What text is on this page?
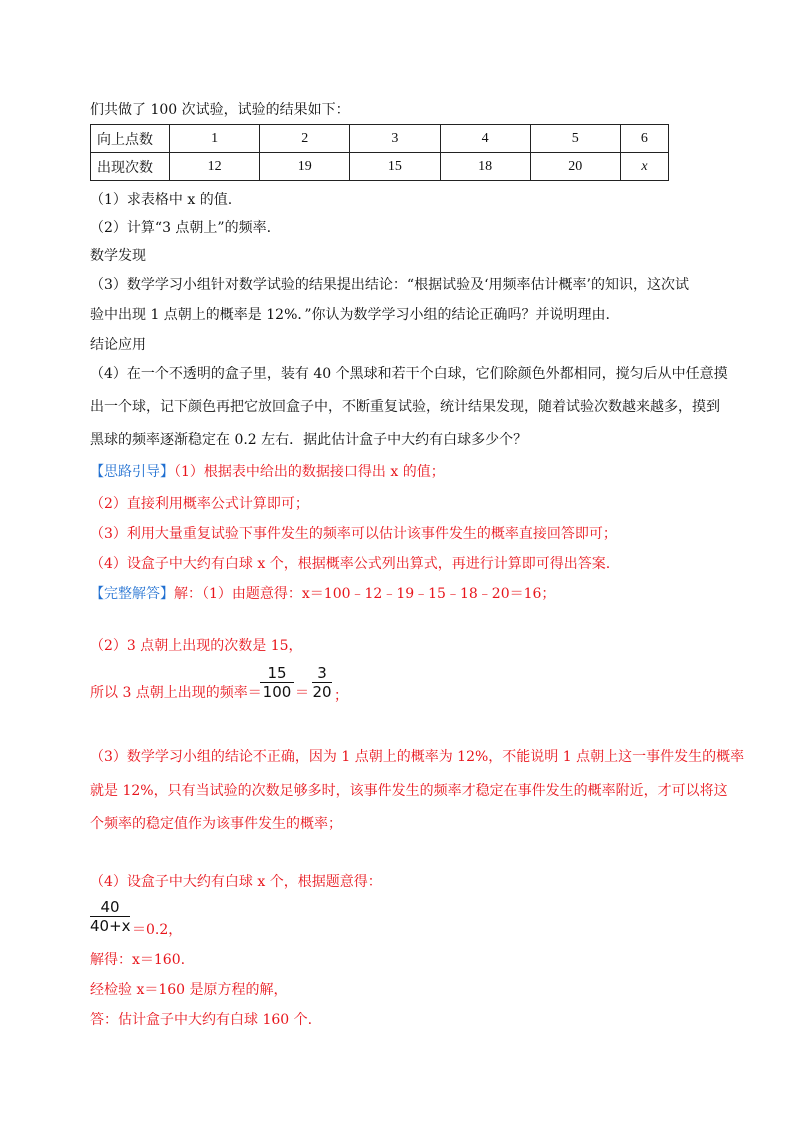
们共做了 100 次试验，试验的结果如下：
向上点数	1	2	3	4	5	6
出现次数	12	19	15	18	20	x
（1）求表格中 x 的值.
（2）计算“3 点朝上”的频率.
数学发现
（3）数学学习小组针对数学试验的结果提出结论：“根据试验及‘用频率估计概率’的知识，这次试
验中出现 1 点朝上的概率是 12%．”你认为数学学习小组的结论正确吗？并说明理由.
结论应用
（4）在一个不透明的盒子里，装有 40 个黑球和若干个白球，它们除颜色外都相同，搅匀后从中任意摸
出一个球，记下颜色再把它放回盒子中，不断重复试验，统计结果发现，随着试验次数越来越多，摸到
黑球的频率逐渐稳定在 0.2 左右．据此估计盒子中大约有白球多少个？
【思路引导】（1）根据表中给出的数据接口得出 x 的值；
（2）直接利用概率公式计算即可；
（3）利用大量重复试验下事件发生的频率可以估计该事件发生的概率直接回答即可；
（4）设盒子中大约有白球 x 个，根据概率公式列出算式，再进行计算即可得出答案.
【完整解答】解：（1）由题意得：x＝100﹣12﹣19﹣15﹣18﹣20＝16；
（2）3 点朝上出现的次数是 15，
所以 3 点朝上出现的频率＝
15
100 ＝
3
20 ；
（3）数学学习小组的结论不正确，因为 1 点朝上的概率为 12%，不能说明 1 点朝上这一事件发生的概率
就是 12%，只有当试验的次数足够多时，该事件发生的频率才稳定在事件发生的概率附近，才可以将这
个频率的稳定值作为该事件发生的概率；
（4）设盒子中大约有白球 x 个，根据题意得：
40
40+x ＝0.2，
解得：x＝160.
经检验 x＝160 是原方程的解，
答：估计盒子中大约有白球 160 个.
